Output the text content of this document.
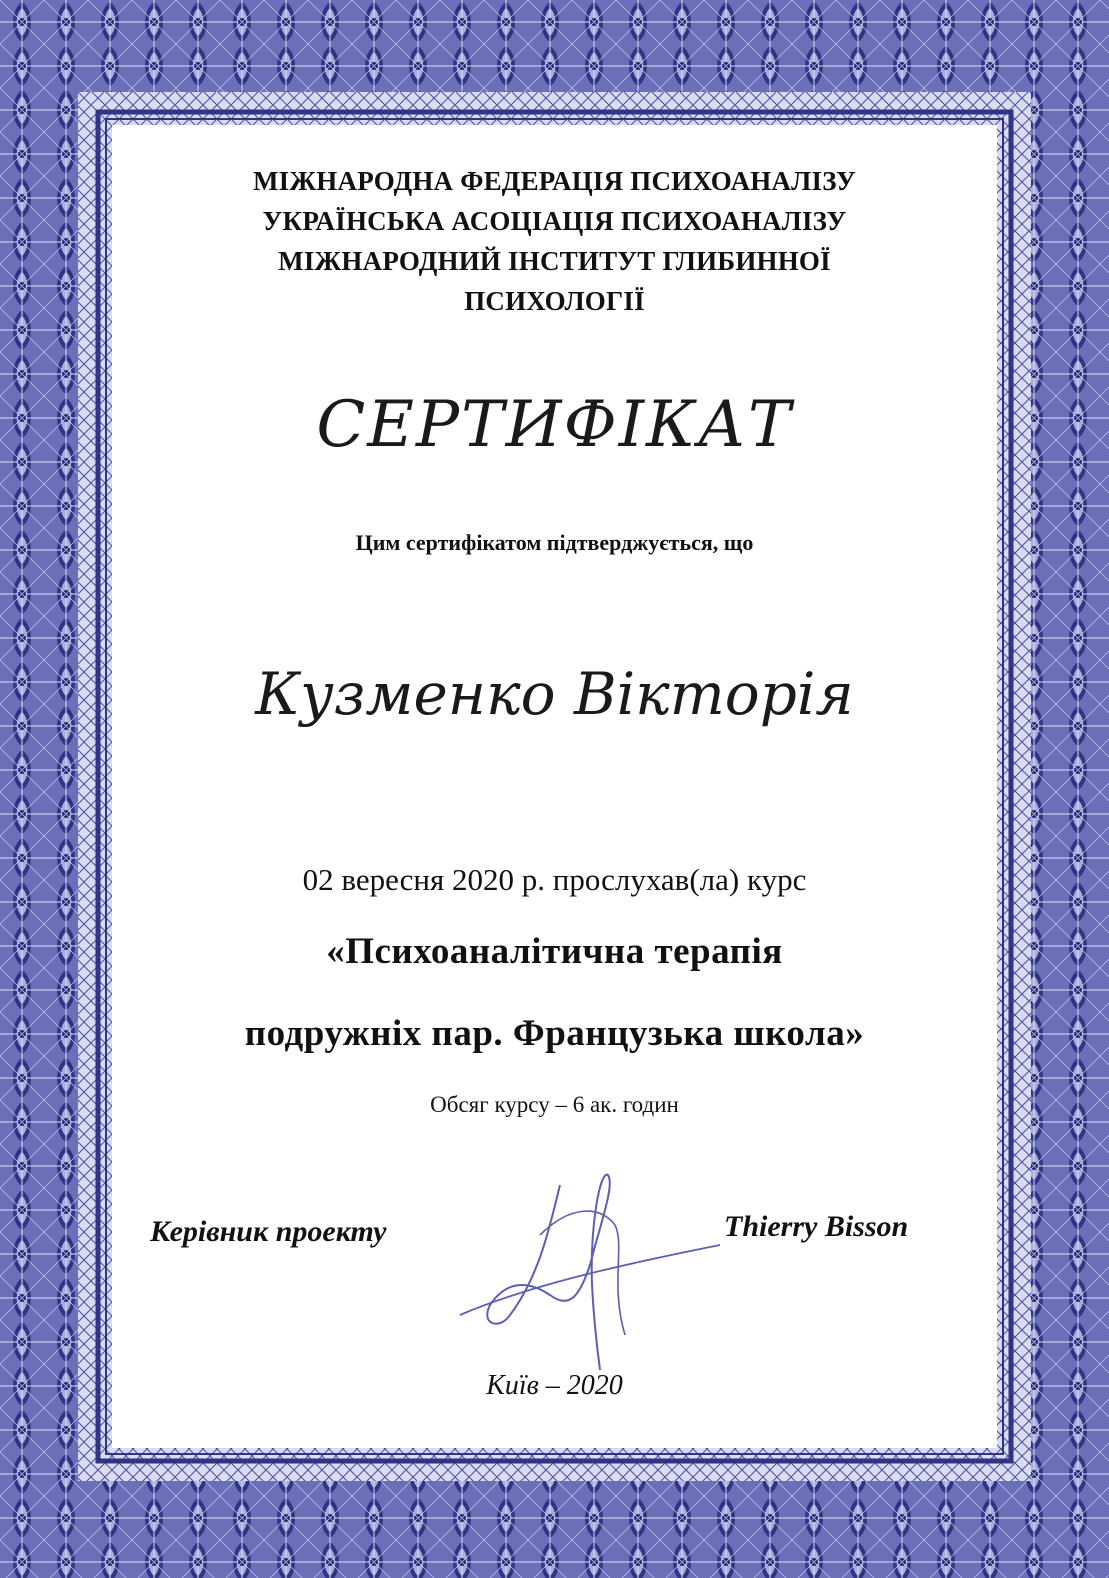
МІЖНАРОДНА ФЕДЕРАЦІЯ ПСИХОАНАЛІЗУ
УКРАЇНСЬКА АСОЦІАЦІЯ ПСИХОАНАЛІЗУ
МІЖНАРОДНИЙ ІНСТИТУТ ГЛИБИННОЇ
ПСИХОЛОГІЇ
СЕРТИФІКАТ
Цим сертифікатом підтверджується, що
Кузменко Вікторія
02 вересня 2020 р. прослухав(ла) курс
«Психоаналітична терапія
подружніх пар. Французька школа»
Обсяг курсу – 6 ак. годин
Керівник проекту	Thierry Bisson
Київ – 2020
